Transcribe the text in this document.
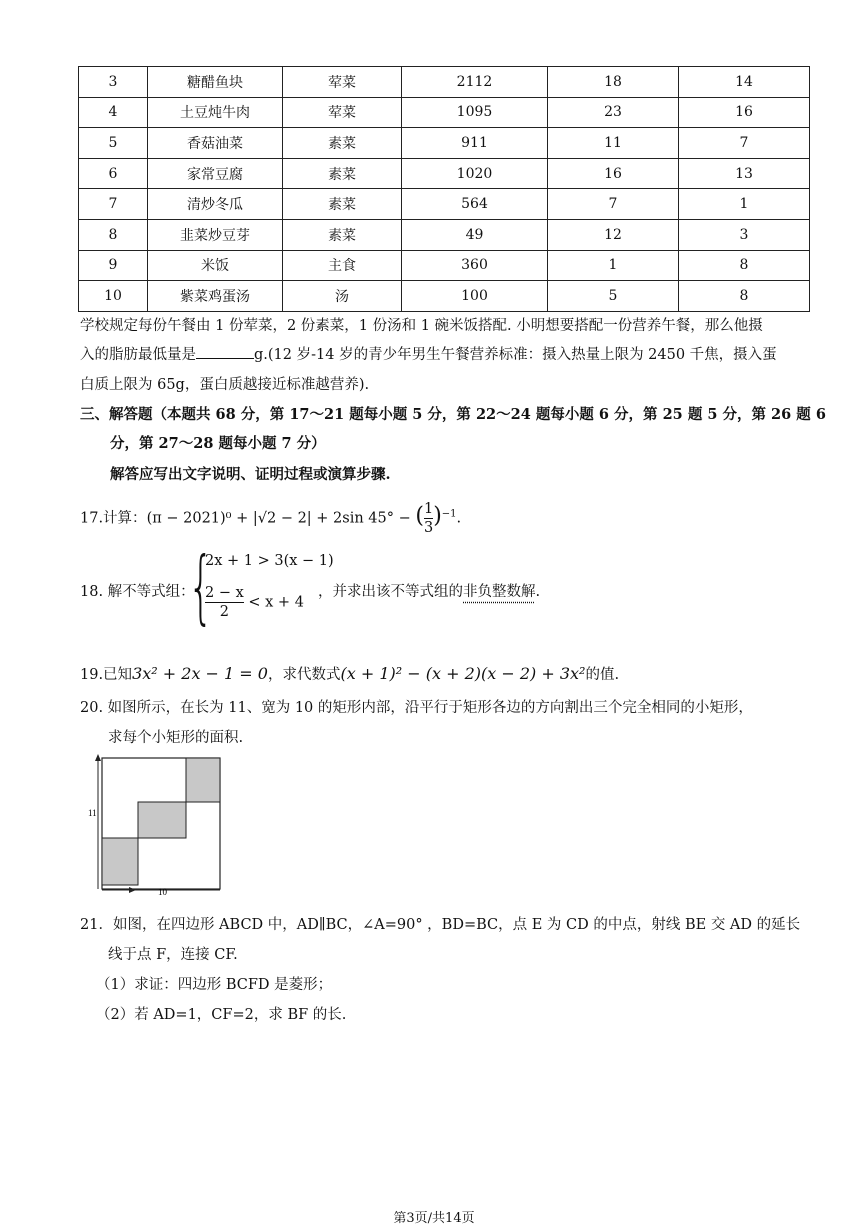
3	糖醋鱼块	荤菜	2112	18	14
4	土豆炖牛肉	荤菜	1095	23	16
5	香菇油菜	素菜	911	11	7
6	家常豆腐	素菜	1020	16	13
7	清炒冬瓜	素菜	564	7	1
8	韭菜炒豆芽	素菜	49	12	3
9	米饭	主食	360	1	8
10	紫菜鸡蛋汤	汤	100	5	8
学校规定每份午餐由 1 份荤菜，2 份素菜，1 份汤和 1 碗米饭搭配. 小明想要搭配一份营养午餐，那么他摄
入的脂肪最低量是	g.(12 岁-14 岁的青少年男生午餐营养标准：摄入热量上限为 2450 千焦，摄入蛋
白质上限为 65g，蛋白质越接近标准越营养).
三、解答题（本题共 68 分，第 17～21 题每小题 5 分，第 22～24 题每小题 6 分，第 25 题 5 分，第 26 题 6
分，第 27～28 题每小题 7 分）
解答应写出文字说明、证明过程或演算步骤.
17.计算：(π − 2021)⁰ + |√2 − 2| + 2sin 45° − ( $\frac{1}{3} )^{-1}$.
18. 解不等式组：
{
2x + 1 > 3(x − 1)
$\frac{2 - x}{2} < x + 4$
，并求出该不等式组的非负整数解.
19.已知3x² + 2x − 1 = 0，求代数式(x + 1)² − (x + 2)(x − 2) + 3x²的值.
20. 如图所示，在长为 11、宽为 10 的矩形内部，沿平行于矩形各边的方向割出三个完全相同的小矩形，
求每个小矩形的面积.
11
10
21．如图，在四边形 ABCD 中，AD∥BC，∠A=90° ，BD=BC，点 E 为 CD 的中点，射线 BE 交 AD 的延长
线于点 F，连接 CF.
（1）求证：四边形 BCFD 是菱形；
（2）若 AD=1，CF=2，求 BF 的长.
第3页/共14页
